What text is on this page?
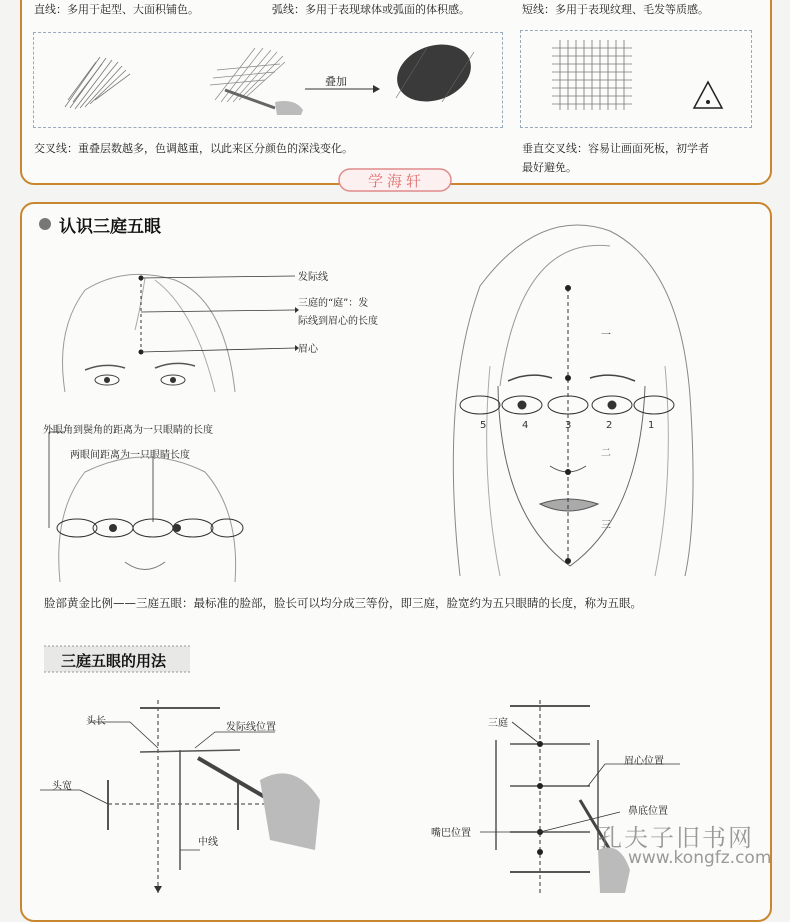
直线：多用于起型、大面积铺色。	弧线：多用于表现球体或弧面的体积感。	短线：多用于表现纹理、毛发等质感。
叠加
交叉线：重叠层数越多，色调越重，以此来区分颜色的深浅变化。	垂直交叉线：容易让画面死板，初学者
最好避免。
学海轩
认识三庭五眼
发际线
三庭的“庭”：发
际线到眉心的长度
眉心
外眼角到鬓角的距离为一只眼睛的长度
两眼间距离为一只眼睛长度
5	4	3	2	1
一
二
三
脸部黄金比例——三庭五眼：最标准的脸部，脸长可以均分成三等份，即三庭，脸宽约为五只眼睛的长度，称为五眼。
三庭五眼的用法
头长
发际线位置
头宽
中线
三庭
眉心位置
鼻底位置
嘴巴位置	孔夫子旧书网
www.kongfz.com
